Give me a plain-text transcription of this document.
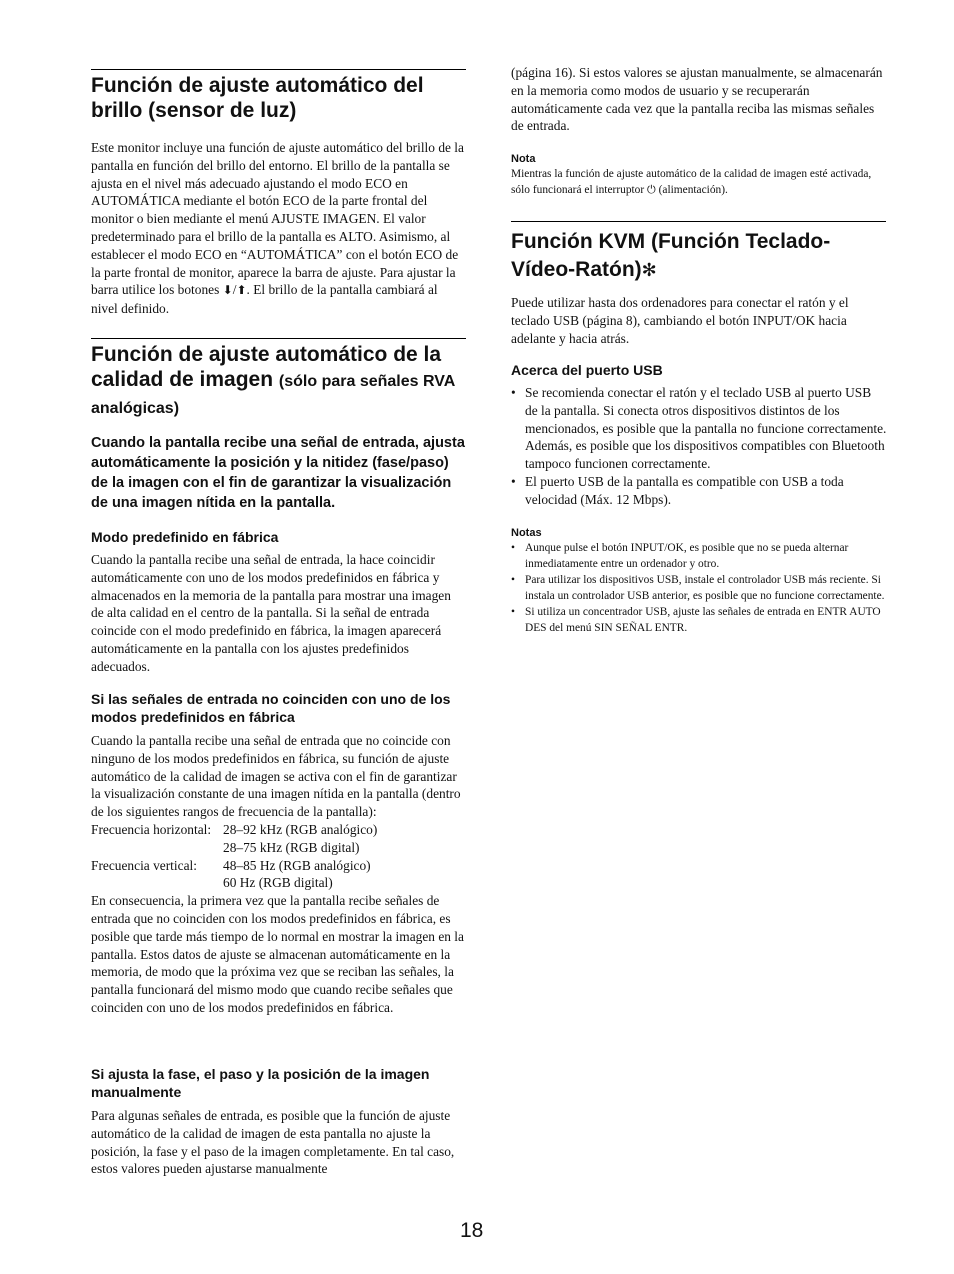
Función de ajuste automático del brillo (sensor de luz)

Este monitor incluye una función de ajuste automático del brillo de la pantalla en función del brillo del entorno. El brillo de la pantalla se ajusta en el nivel más adecuado ajustando el modo ECO en AUTOMÁTICA mediante el botón ECO de la parte frontal del monitor o bien mediante el menú AJUSTE IMAGEN. El valor predeterminado para el brillo de la pantalla es ALTO. Asimismo, al establecer el modo ECO en “AUTOMÁTICA” con el botón ECO de la parte frontal de monitor, aparece la barra de ajuste. Para ajustar la barra utilice los botones ⬇/⬆. El brillo de la pantalla cambiará al nivel definido.

Función de ajuste automático de la calidad de imagen (sólo para señales RVA analógicas)

Cuando la pantalla recibe una señal de entrada, ajusta automáticamente la posición y la nitidez (fase/paso) de la imagen con el fin de garantizar la visualización de una imagen nítida en la pantalla.

Modo predefinido en fábrica

Cuando la pantalla recibe una señal de entrada, la hace coincidir automáticamente con uno de los modos predefinidos en fábrica y almacenados en la memoria de la pantalla para mostrar una imagen de alta calidad en el centro de la pantalla. Si la señal de entrada coincide con el modo predefinido en fábrica, la imagen aparecerá automáticamente en la pantalla con los ajustes predefinidos adecuados.

Si las señales de entrada no coinciden con uno de los modos predefinidos en fábrica
Cuando la pantalla recibe una señal de entrada que no coincide con ninguno de los modos predefinidos en fábrica, su función de ajuste automático de la calidad de imagen se activa con el fin de garantizar la visualización constante de una imagen nítida en la pantalla (dentro de los siguientes rangos de frecuencia de la pantalla):
Frecuencia horizontal: 28–92 kHz (RGB analógico)
28–75 kHz (RGB digital)
Frecuencia vertical:	48–85 Hz (RGB analógico)
60 Hz (RGB digital)
En consecuencia, la primera vez que la pantalla recibe señales de entrada que no coinciden con los modos predefinidos en fábrica, es posible que tarde más tiempo de lo normal en mostrar la imagen en la pantalla. Estos datos de ajuste se almacenan automáticamente en la memoria, de modo que la próxima vez que se reciban las señales, la pantalla funcionará del mismo modo que cuando recibe señales que coinciden con uno de los modos predefinidos en fábrica.
Si ajusta la fase, el paso y la posición de la imagen manualmente

Para algunas señales de entrada, es posible que la función de ajuste automático de la calidad de imagen de esta pantalla no ajuste la posición, la fase y el paso de la imagen completamente. En tal caso, estos valores pueden ajustarse manualmente

(página 16). Si estos valores se ajustan manualmente, se almacenarán en la memoria como modos de usuario y se recuperarán automáticamente cada vez que la pantalla reciba las mismas señales de entrada.

Nota

Mientras la función de ajuste automático de la calidad de imagen esté activada, sólo funcionará el interruptor ⏻ (alimentación).

Función KVM (Función Teclado-Vídeo-Ratón)✻

Puede utilizar hasta dos ordenadores para conectar el ratón y el teclado USB (página 8), cambiando el botón INPUT/OK hacia adelante y hacia atrás.

Acerca del puerto USB
• Se recomienda conectar el ratón y el teclado USB al puerto USB de la pantalla. Si conecta otros dispositivos distintos de los mencionados, es posible que la pantalla no funcione correctamente. Además, es posible que los dispositivos compatibles con Bluetooth tampoco funcionen correctamente.
• El puerto USB de la pantalla es compatible con USB a toda velocidad (Máx. 12 Mbps).

Notas

• Aunque pulse el botón INPUT/OK, es posible que no se pueda alternar inmediatamente entre un ordenador y otro.
• Para utilizar los dispositivos USB, instale el controlador USB más reciente. Si instala un controlador USB anterior, es posible que no funcione correctamente.
• Si utiliza un concentrador USB, ajuste las señales de entrada en ENTR AUTO DES del menú SIN SEÑAL ENTR.
18
